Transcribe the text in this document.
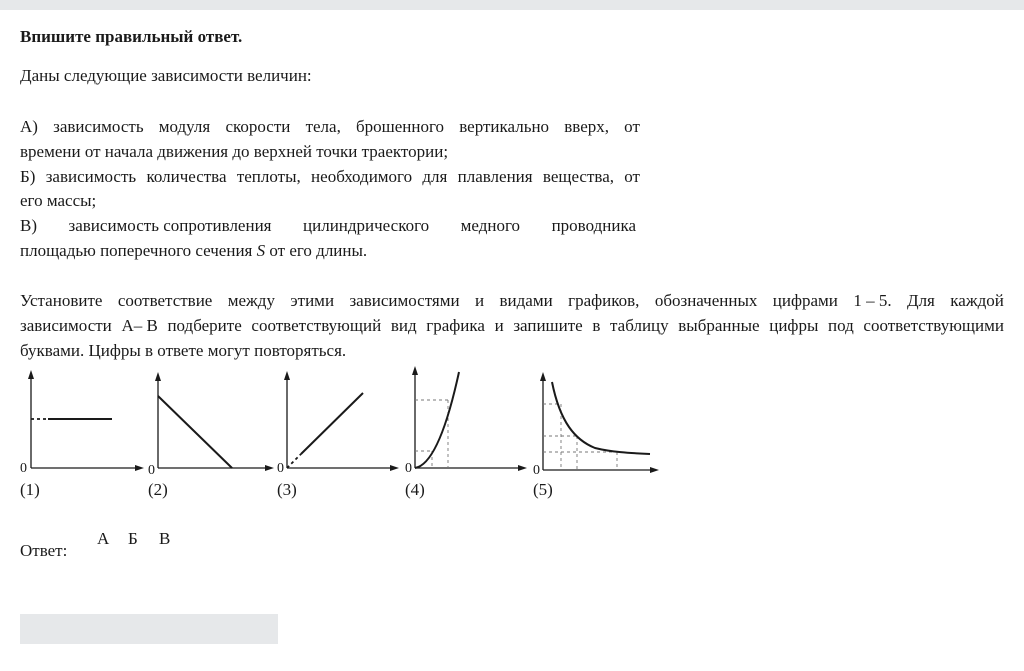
Впишите правильный ответ.
Даны следующие зависимости величин:
А) зависимость модуля скорости тела, брошенного вертикально вверх, от
времени от начала движения до верхней точки траектории;
Б) зависимость количества теплоты, необходимого для плавления вещества, от
его массы;
В) зависимость сопротивления цилиндрического медного проводника
площадью поперечного сечения S от его длины.
Установите соответствие между этими зависимостями и видами графиков, обозначенных цифрами 1 – 5. Для каждой
зависимости А– В подберите соответствующий вид графика и запишите в таблицу выбранные цифры под соответствующими
буквами. Цифры в ответе могут повторяться.
0
(1)
0
(2)
0
(3)
0
(4)
0
(5)
Ответ:
А	Б	В
